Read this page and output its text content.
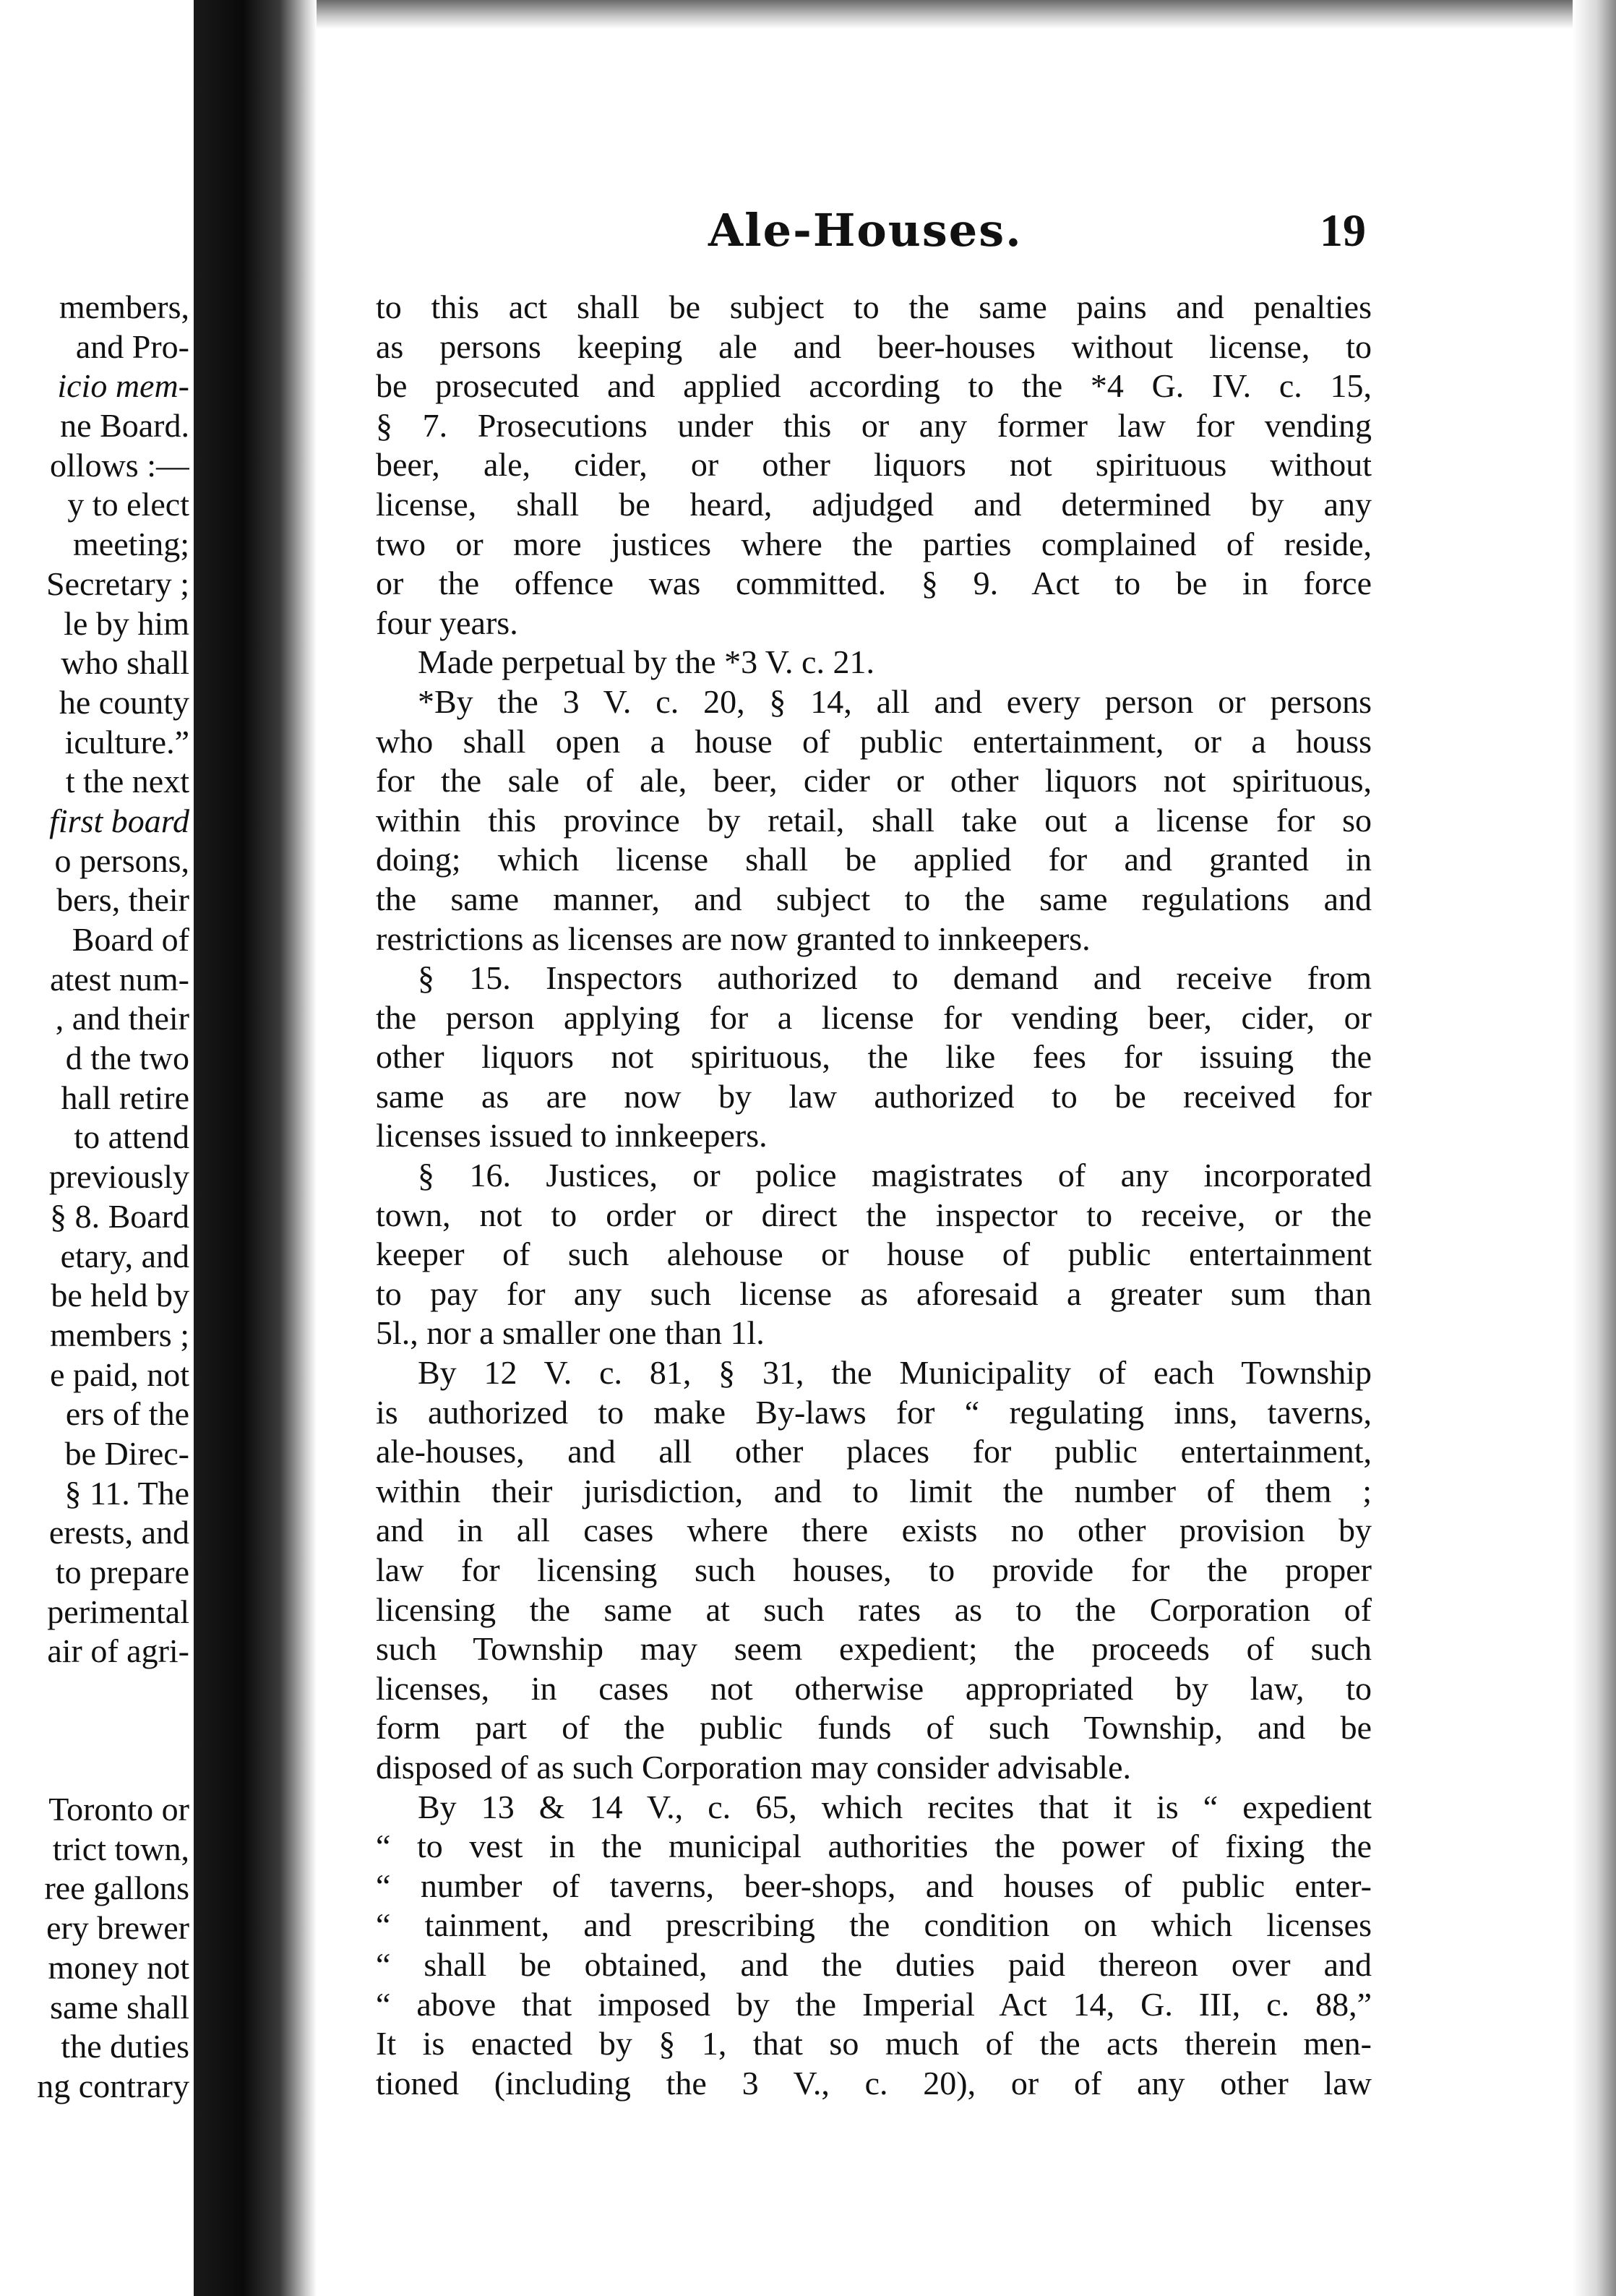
members,
and Pro-
icio mem-
ne Board.
ollows :—
y to elect
meeting;
Secretary ;
le by him
who shall
he county
iculture.”
t the next
first board
o persons,
bers, their
Board of
atest num-
, and their
d the two
hall retire
to attend
previously
§ 8. Board
etary, and
be held by
members ;
e paid, not
ers of the
be Direc-
§ 11. The
erests, and
to prepare
perimental
air of agri-
Toronto or
trict town,
ree gallons
ery brewer
money not
same shall
the duties
ng contrary
Ale-Houses.	19
to this act shall be subject to the same pains and penalties
as persons keeping ale and beer-houses without license, to
be prosecuted and applied according to the *4 G. IV. c. 15,
§ 7. Prosecutions under this or any former law for vending
beer, ale, cider, or other liquors not spirituous without
license, shall be heard, adjudged and determined by any
two or more justices where the parties complained of reside,
or the offence was committed. § 9. Act to be in force
four years.
Made perpetual by the *3 V. c. 21.
*By the 3 V. c. 20, § 14, all and every person or persons
who shall open a house of public entertainment, or a houss
for the sale of ale, beer, cider or other liquors not spirituous,
within this province by retail, shall take out a license for so
doing; which license shall be applied for and granted in
the same manner, and subject to the same regulations and
restrictions as licenses are now granted to innkeepers.
§ 15. Inspectors authorized to demand and receive from
the person applying for a license for vending beer, cider, or
other liquors not spirituous, the like fees for issuing the
same as are now by law authorized to be received for
licenses issued to innkeepers.
§ 16. Justices, or police magistrates of any incorporated
town, not to order or direct the inspector to receive, or the
keeper of such alehouse or house of public entertainment
to pay for any such license as aforesaid a greater sum than
5l., nor a smaller one than 1l.
By 12 V. c. 81, § 31, the Municipality of each Township
is authorized to make By-laws for “ regulating inns, taverns,
ale-houses, and all other places for public entertainment,
within their jurisdiction, and to limit the number of them ;
and in all cases where there exists no other provision by
law for licensing such houses, to provide for the proper
licensing the same at such rates as to the Corporation of
such Township may seem expedient; the proceeds of such
licenses, in cases not otherwise appropriated by law, to
form part of the public funds of such Township, and be
disposed of as such Corporation may consider advisable.
By 13 & 14 V., c. 65, which recites that it is “ expedient
“ to vest in the municipal authorities the power of fixing the
“ number of taverns, beer-shops, and houses of public enter-
“ tainment, and prescribing the condition on which licenses
“ shall be obtained, and the duties paid thereon over and
“ above that imposed by the Imperial Act 14, G. III, c. 88,”
It is enacted by § 1, that so much of the acts therein men-
tioned (including the 3 V., c. 20), or of any other law
